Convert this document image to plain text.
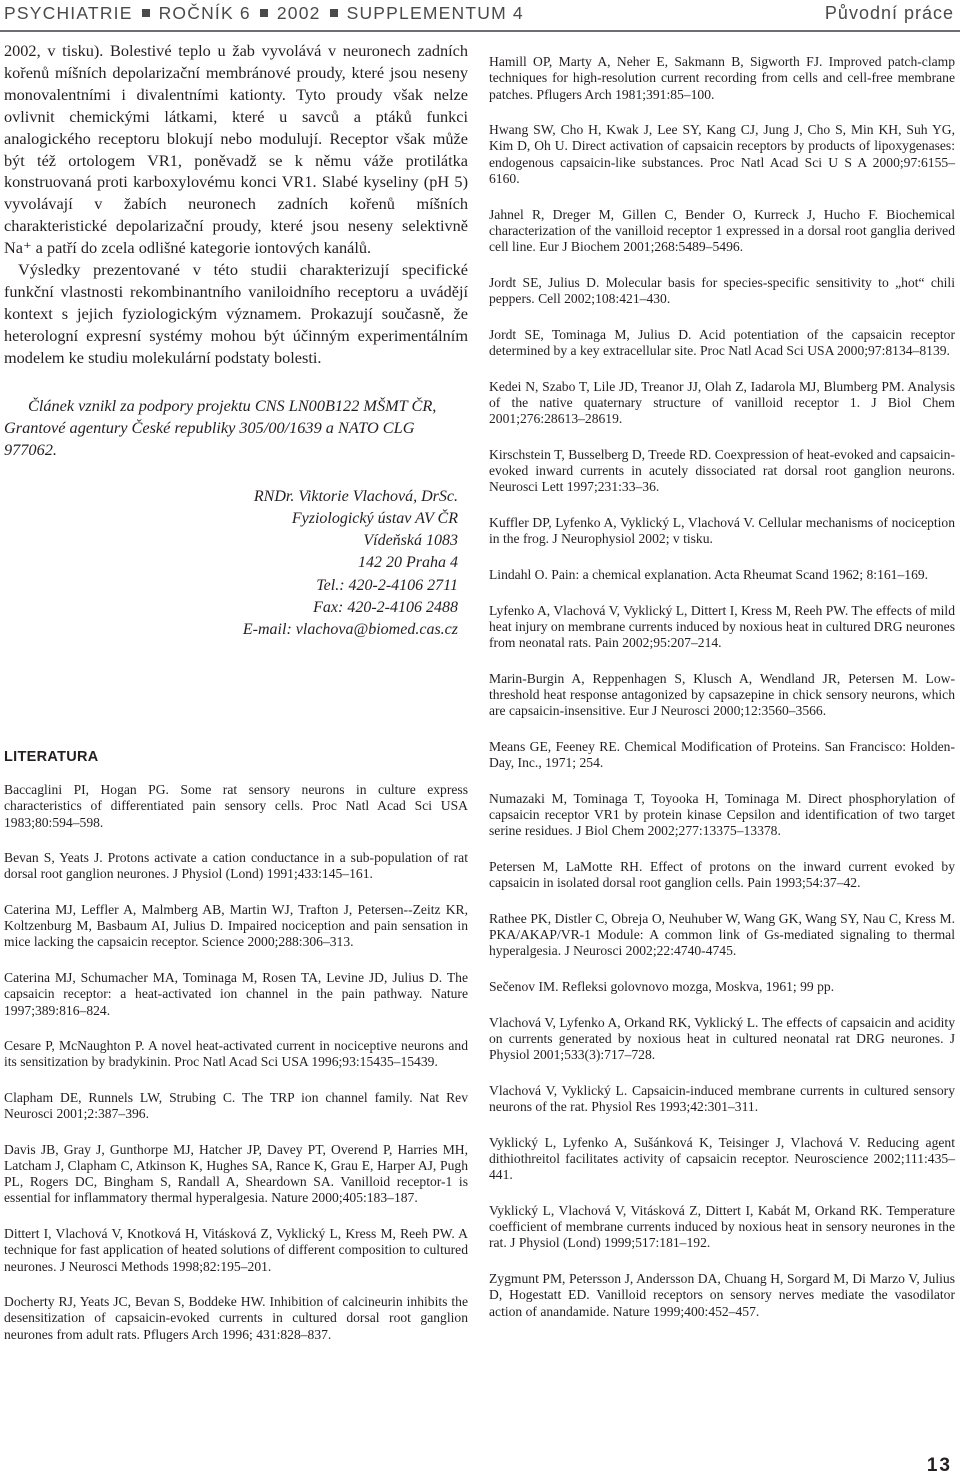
PSYCHIATRIE ROČNÍK 6 2002 SUPPLEMENTUM 4	Původní práce

2002, v tisku). Bolestivé teplo u žab vyvolává v neuronech zadních kořenů míšních depolarizační membránové proudy, které jsou neseny monovalentními i divalentními kationty. Tyto proudy však nelze ovlivnit chemickými látkami, které u savců a ptáků funkci analogického receptoru blokují nebo modulují. Receptor však může být též ortologem VR1, poněvadž se k němu váže protilátka konstruovaná proti karboxylovému konci VR1. Slabé kyseliny (pH 5) vyvolávají v žabích neuronech zadních kořenů míšních charakteristické depolarizační proudy, které jsou neseny selektivně Na⁺ a patří do zcela odlišné kategorie iontových kanálů.

Výsledky prezentované v této studii charakterizují specifické funkční vlastnosti rekombinantního vaniloidního receptoru a uvádějí kontext s jejich fyziologickým významem. Prokazují současně, že heterologní expresní systémy mohou být účinným experimentálním modelem ke studiu molekulární podstaty bolesti.

Článek vznikl za podpory projektu CNS LN00B122 MŠMT ČR, Grantové agentury České republiky 305/00/1639 a NATO CLG 977062.
RNDr. Viktorie Vlachová, DrSc.
Fyziologický ústav AV ČR
Vídeňská 1083
142 20 Praha 4
Tel.: 420-2-4106 2711
Fax: 420-2-4106 2488
E-mail: vlachova@biomed.cas.cz
LITERATURA

Baccaglini PI, Hogan PG. Some rat sensory neurons in culture express characteristics of differentiated pain sensory cells. Proc Natl Acad Sci USA 1983;80:594–598.

Bevan S, Yeats J. Protons activate a cation conductance in a sub-population of rat dorsal root ganglion neurones. J Physiol (Lond) 1991;433:145–161.

Caterina MJ, Leffler A, Malmberg AB, Martin WJ, Trafton J, Petersen--Zeitz KR, Koltzenburg M, Basbaum AI, Julius D. Impaired nociception and pain sensation in mice lacking the capsaicin receptor. Science 2000;288:306–313.

Caterina MJ, Schumacher MA, Tominaga M, Rosen TA, Levine JD, Julius D. The capsaicin receptor: a heat-activated ion channel in the pain pathway. Nature 1997;389:816–824.

Cesare P, McNaughton P. A novel heat-activated current in nociceptive neurons and its sensitization by bradykinin. Proc Natl Acad Sci USA 1996;93:15435–15439.

Clapham DE, Runnels LW, Strubing C. The TRP ion channel family. Nat Rev Neurosci 2001;2:387–396.

Davis JB, Gray J, Gunthorpe MJ, Hatcher JP, Davey PT, Overend P, Harries MH, Latcham J, Clapham C, Atkinson K, Hughes SA, Rance K, Grau E, Harper AJ, Pugh PL, Rogers DC, Bingham S, Randall A, Sheardown SA. Vanilloid receptor-1 is essential for inflammatory thermal hyperalgesia. Nature 2000;405:183–187.

Dittert I, Vlachová V, Knotková H, Vitásková Z, Vyklický L, Kress M, Reeh PW. A technique for fast application of heated solutions of different composition to cultured neurones. J Neurosci Methods 1998;82:195–201.

Docherty RJ, Yeats JC, Bevan S, Boddeke HW. Inhibition of calcineurin inhibits the desensitization of capsaicin-evoked currents in cultured dorsal root ganglion neurones from adult rats. Pflugers Arch 1996; 431:828–837.

Hamill OP, Marty A, Neher E, Sakmann B, Sigworth FJ. Improved patch-clamp techniques for high-resolution current recording from cells and cell-free membrane patches. Pflugers Arch 1981;391:85–100.

Hwang SW, Cho H, Kwak J, Lee SY, Kang CJ, Jung J, Cho S, Min KH, Suh YG, Kim D, Oh U. Direct activation of capsaicin receptors by products of lipoxygenases: endogenous capsaicin-like substances. Proc Natl Acad Sci U S A 2000;97:6155–6160.

Jahnel R, Dreger M, Gillen C, Bender O, Kurreck J, Hucho F. Biochemical characterization of the vanilloid receptor 1 expressed in a dorsal root ganglia derived cell line. Eur J Biochem 2001;268:5489–5496.

Jordt SE, Julius D. Molecular basis for species-specific sensitivity to „hot“ chili peppers. Cell 2002;108:421–430.

Jordt SE, Tominaga M, Julius D. Acid potentiation of the capsaicin receptor determined by a key extracellular site. Proc Natl Acad Sci USA 2000;97:8134–8139.

Kedei N, Szabo T, Lile JD, Treanor JJ, Olah Z, Iadarola MJ, Blumberg PM. Analysis of the native quaternary structure of vanilloid receptor 1. J Biol Chem 2001;276:28613–28619.

Kirschstein T, Busselberg D, Treede RD. Coexpression of heat-evoked and capsaicin-evoked inward currents in acutely dissociated rat dorsal root ganglion neurons. Neurosci Lett 1997;231:33–36.

Kuffler DP, Lyfenko A, Vyklický L, Vlachová V. Cellular mechanisms of nociception in the frog. J Neurophysiol 2002; v tisku.

Lindahl O. Pain: a chemical explanation. Acta Rheumat Scand 1962; 8:161–169.

Lyfenko A, Vlachová V, Vyklický L, Dittert I, Kress M, Reeh PW. The effects of mild heat injury on membrane currents induced by noxious heat in cultured DRG neurones from neonatal rats. Pain 2002;95:207–214.

Marin-Burgin A, Reppenhagen S, Klusch A, Wendland JR, Petersen M. Low-threshold heat response antagonized by capsazepine in chick sensory neurons, which are capsaicin-insensitive. Eur J Neurosci 2000;12:3560–3566.

Means GE, Feeney RE. Chemical Modification of Proteins. San Francisco: Holden-Day, Inc., 1971; 254.

Numazaki M, Tominaga T, Toyooka H, Tominaga M. Direct phosphorylation of capsaicin receptor VR1 by protein kinase Cepsilon and identification of two target serine residues. J Biol Chem 2002;277:13375–13378.

Petersen M, LaMotte RH. Effect of protons on the inward current evoked by capsaicin in isolated dorsal root ganglion cells. Pain 1993;54:37–42.

Rathee PK, Distler C, Obreja O, Neuhuber W, Wang GK, Wang SY, Nau C, Kress M. PKA/AKAP/VR-1 Module: A common link of Gs-mediated signaling to thermal hyperalgesia. J Neurosci 2002;22:4740-4745.

Sečenov IM. Refleksi golovnovo mozga, Moskva, 1961; 99 pp.

Vlachová V, Lyfenko A, Orkand RK, Vyklický L. The effects of capsaicin and acidity on currents generated by noxious heat in cultured neonatal rat DRG neurones. J Physiol 2001;533(3):717–728.

Vlachová V, Vyklický L. Capsaicin-induced membrane currents in cultured sensory neurons of the rat. Physiol Res 1993;42:301–311.

Vyklický L, Lyfenko A, Sušánková K, Teisinger J, Vlachová V. Reducing agent dithiothreitol facilitates activity of capsaicin receptor. Neuroscience 2002;111:435–441.

Vyklický L, Vlachová V, Vitásková Z, Dittert I, Kabát M, Orkand RK. Temperature coefficient of membrane currents induced by noxious heat in sensory neurones in the rat. J Physiol (Lond) 1999;517:181–192.

Zygmunt PM, Petersson J, Andersson DA, Chuang H, Sorgard M, Di Marzo V, Julius D, Hogestatt ED. Vanilloid receptors on sensory nerves mediate the vasodilator action of anandamide. Nature 1999;400:452–457.

13
